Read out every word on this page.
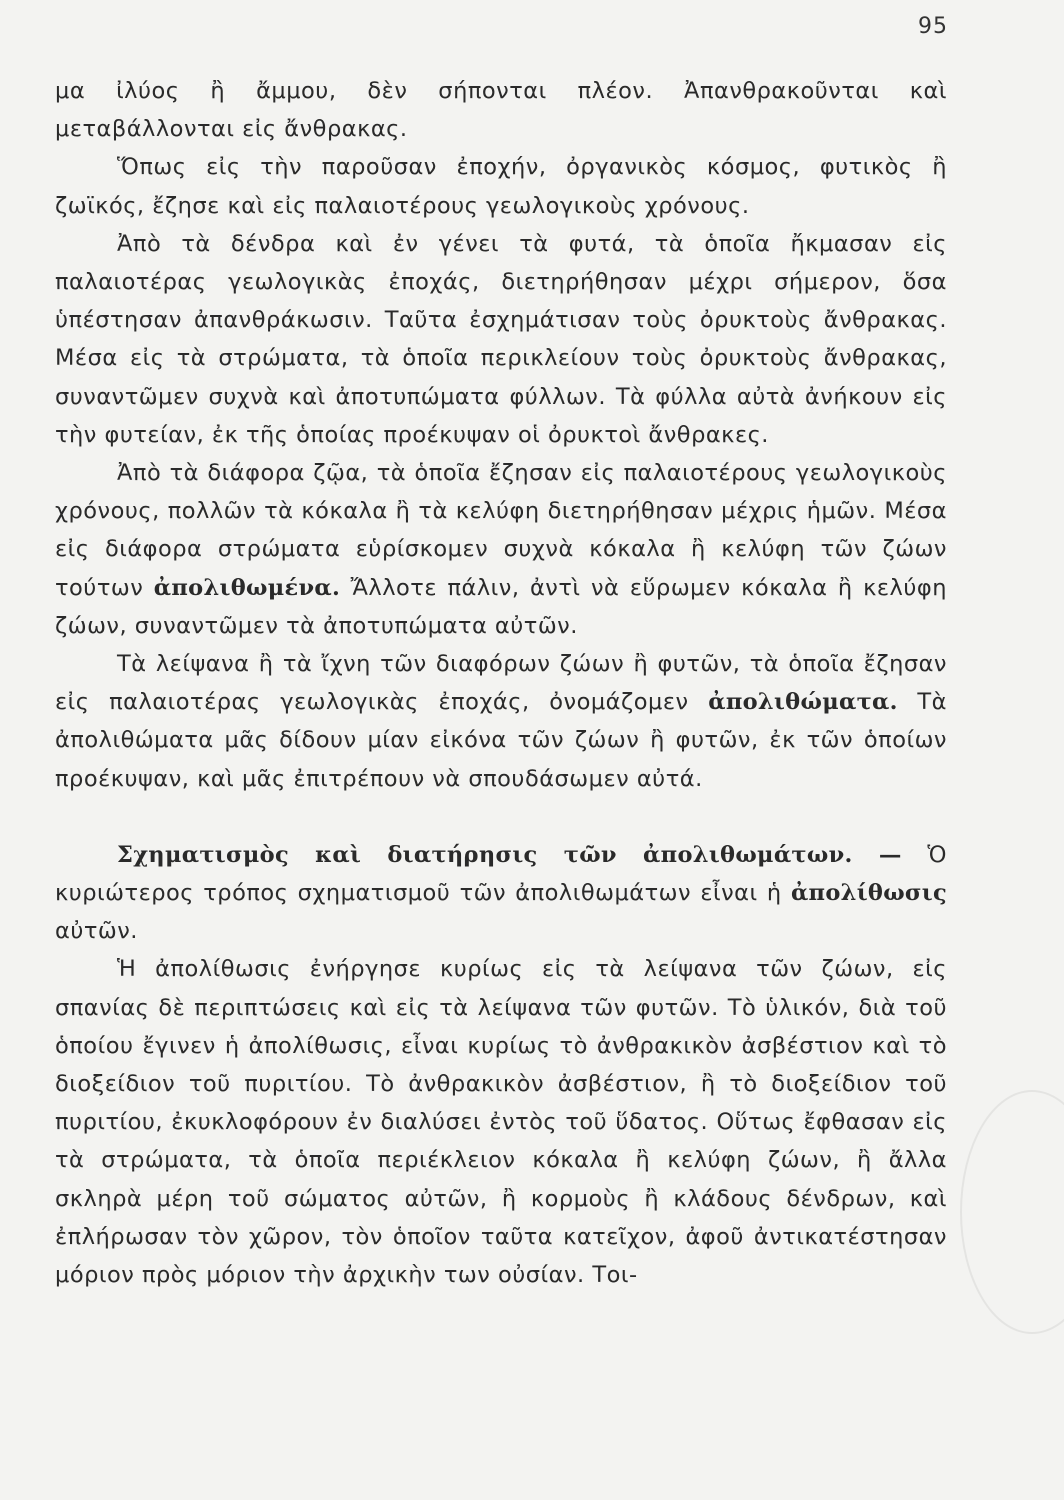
95

μα ἰλύος ἢ ἄμμου, δὲν σήπονται πλέον. Ἀπανθρακοῦνται καὶ μεταβάλλονται εἰς ἄνθρακας.

Ὅπως εἰς τὴν παροῦσαν ἐποχήν, ὀργανικὸς κόσμος, φυτικὸς ἢ ζωϊκός, ἔζησε καὶ εἰς παλαιοτέρους γεωλογικοὺς χρόνους.

Ἀπὸ τὰ δένδρα καὶ ἐν γένει τὰ φυτά, τὰ ὁποῖα ἤκμασαν εἰς παλαιοτέρας γεωλογικὰς ἐποχάς, διετηρήθησαν μέχρι σήμερον, ὅσα ὑπέστησαν ἀπανθράκωσιν. Ταῦτα ἐσχημάτισαν τοὺς ὀρυκτοὺς ἄνθρακας. Μέσα εἰς τὰ στρώματα, τὰ ὁποῖα περικλείουν τοὺς ὀρυκτοὺς ἄνθρακας, συναντῶμεν συχνὰ καὶ ἀποτυπώματα φύλλων. Τὰ φύλλα αὐτὰ ἀνήκουν εἰς τὴν φυτείαν, ἐκ τῆς ὁποίας προέκυψαν οἱ ὀρυκτοὶ ἄνθρακες.

Ἀπὸ τὰ διάφορα ζῷα, τὰ ὁποῖα ἔζησαν εἰς παλαιοτέρους γεωλογικοὺς χρόνους, πολλῶν τὰ κόκαλα ἢ τὰ κελύφη διετηρήθησαν μέχρις ἡμῶν. Μέσα εἰς διάφορα στρώματα εὑρίσκομεν συχνὰ κόκαλα ἢ κελύφη τῶν ζώων τούτων ἀπολιθωμένα. Ἄλλοτε πάλιν, ἀντὶ νὰ εὕρωμεν κόκαλα ἢ κελύφη ζώων, συναντῶμεν τὰ ἀποτυπώματα αὐτῶν.

Τὰ λείψανα ἢ τὰ ἴχνη τῶν διαφόρων ζώων ἢ φυτῶν, τὰ ὁποῖα ἔζησαν εἰς παλαιοτέρας γεωλογικὰς ἐποχάς, ὀνομάζομεν ἀπολιθώματα. Τὰ ἀπολιθώματα μᾶς δίδουν μίαν εἰκόνα τῶν ζώων ἢ φυτῶν, ἐκ τῶν ὁποίων προέκυψαν, καὶ μᾶς ἐπιτρέπουν νὰ σπουδάσωμεν αὐτά.

Σχηματισμὸς καὶ διατήρησις τῶν ἀπολιθωμάτων. — Ὁ κυριώτερος τρόπος σχηματισμοῦ τῶν ἀπολιθωμάτων εἶναι ἡ ἀπολίθωσις αὐτῶν.

Ἡ ἀπολίθωσις ἐνήργησε κυρίως εἰς τὰ λείψανα τῶν ζώων, εἰς σπανίας δὲ περιπτώσεις καὶ εἰς τὰ λείψανα τῶν φυτῶν. Τὸ ὑλικόν, διὰ τοῦ ὁποίου ἔγινεν ἡ ἀπολίθωσις, εἶναι κυρίως τὸ ἀνθρακικὸν ἀσβέστιον καὶ τὸ διοξείδιον τοῦ πυριτίου. Τὸ ἀνθρακικὸν ἀσβέστιον, ἢ τὸ διοξείδιον τοῦ πυριτίου, ἐκυκλοφόρουν ἐν διαλύσει ἐντὸς τοῦ ὕδατος. Οὕτως ἔφθασαν εἰς τὰ στρώματα, τὰ ὁποῖα περιέκλειον κόκαλα ἢ κελύφη ζώων, ἢ ἄλλα σκληρὰ μέρη τοῦ σώματος αὐτῶν, ἢ κορμοὺς ἢ κλάδους δένδρων, καὶ ἐπλήρωσαν τὸν χῶρον, τὸν ὁποῖον ταῦτα κατεῖχον, ἀφοῦ ἀντικατέστησαν μόριον πρὸς μόριον τὴν ἀρχικὴν των οὐσίαν. Τοι-
